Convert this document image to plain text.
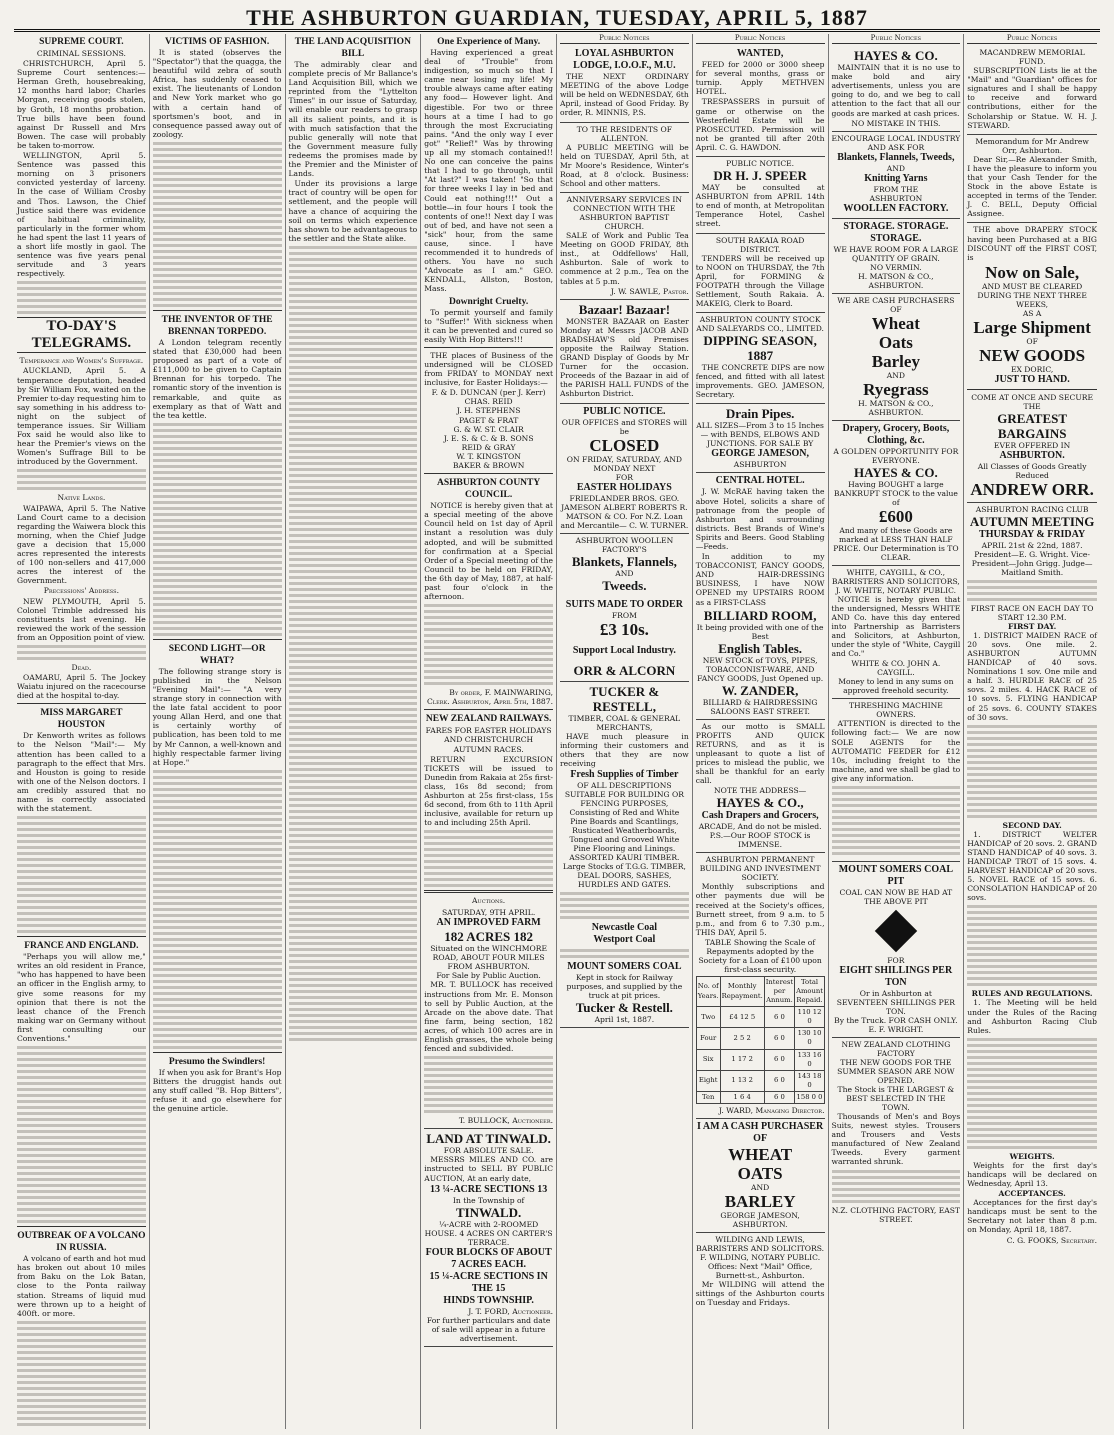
THE ASHBURTON GUARDIAN, TUESDAY, APRIL 5, 1887
SUPREME COURT.
CRIMINAL SESSIONS.

CHRISTCHURCH, April 5. Supreme Court sentences:—Herman Greth, housebreaking, 12 months hard labor; Charles Morgan, receiving goods stolen, by Groth, 18 months probation. True bills have been found against Dr Russell and Mrs Bowen. The case will probably be taken to-morrow.

WELLINGTON, April 5. Sentence was passed this morning on 3 prisoners convicted yesterday of larceny. In the case of William Crosby and Thos. Lawson, the Chief Justice said there was evidence of habitual criminality, particularly in the former whom he had spent the last 11 years of a short life mostly in gaol. The sentence was five years penal servitude and 3 years respectively.

TO-DAY'S TELEGRAMS.
Temperance and Women's Suffrage.

AUCKLAND, April 5. A temperance deputation, headed by Sir William Fox, waited on the Premier to-day requesting him to say something in his address to-night on the subject of temperance issues. Sir William Fox said he would also like to hear the Premier's views on the Women's Suffrage Bill to be introduced by the Government.

Native Lands.

WAIPAWA, April 5. The Native Land Court came to a decision regarding the Waiwera block this morning, when the Chief Judge gave a decision that 15,000 acres represented the interests of 100 non-sellers and 417,000 acres the interest of the Government.

Precessions' Address.

NEW PLYMOUTH, April 5. Colonel Trimble addressed his constituents last evening. He reviewed the work of the session from an Opposition point of view.

Dead.

OAMARU, April 5. The Jockey Waiatu injured on the racecourse died at the hospital to-day.

MISS MARGARET HOUSTON

Dr Kenworth writes as follows to the Nelson "Mail":— My attention has been called to a paragraph to the effect that Mrs. and Houston is going to reside with one of the Nelson doctors. I am credibly assured that no name is correctly associated with the statement.

FRANCE AND ENGLAND.

"Perhaps you will allow me," writes an old resident in France, "who has happened to have been an officer in the English army, to give some reasons for my opinion that there is not the least chance of the French making war on Germany without first consulting our Conventions."

OUTBREAK OF A VOLCANO IN RUSSIA.

A volcano of earth and hot mud has broken out about 10 miles from Baku on the Lok Batan, close to the Ponta railway station. Streams of liquid mud were thrown up to a height of 400ft. or more.

VICTIMS OF FASHION.

It is stated (observes the "Spectator") that the quagga, the beautiful wild zebra of south Africa, has suddenly ceased to exist. The lieutenants of London and New York market who go with a certain hand of sportsmen's boot, and in consequence passed away out of zoology.

THE INVENTOR OF THE BRENNAN TORPEDO.

A London telegram recently stated that £30,000 had been proposed as part of a vote of £111,000 to be given to Captain Brennan for his torpedo. The romantic story of the invention is remarkable, and quite as exemplary as that of Watt and the tea kettle.

SECOND LIGHT—OR WHAT?

The following strange story is published in the Nelson "Evening Mail":— "A very strange story in connection with the late fatal accident to poor young Allan Herd, and one that is certainly worthy of publication, has been told to me by Mr Cannon, a well-known and highly respectable farmer living at Hope."

Presumo the Swindlers!

If when you ask for Brant's Hop Bitters the druggist hands out any stuff called "B. Hop Bitters", refuse it and go elsewhere for the genuine article.

THE LAND ACQUISITION BILL

The admirably clear and complete precis of Mr Ballance's Land Acquisition Bill, which we reprinted from the "Lyttelton Times" in our issue of Saturday, will enable our readers to grasp all its salient points, and it is with much satisfaction that the public generally will note that the Government measure fully redeems the promises made by the Premier and the Minister of Lands.

Under its provisions a large tract of country will be open for settlement, and the people will have a chance of acquiring the soil on terms which experience has shown to be advantageous to the settler and the State alike.

One Experience of Many.

Having experienced a great deal of "Trouble" from indigestion, so much so that I came near losing my life! My trouble always came after eating any food— However light. And digestible. For two or three hours at a time I had to go through the most Excruciating pains. "And the only way I ever got" "Relief!" Was by throwing up all my stomach contained!! No one can conceive the pains that I had to go through, until "At last?" I was taken! "So that for three weeks I lay in bed and Could eat nothing!!!" Out a bottle—in four hours I took the contents of one!! Next day I was out of bed, and have not seen a "sick" hour, from the same cause, since. I have recommended it to hundreds of others. You have no such "Advocate as I am." GEO. KENDALL, Allston, Boston, Mass.

Downright Cruelty.

To permit yourself and family to "Suffer!" With sickness when it can be prevented and cured so easily With Hop Bitters!!!

THE places of Business of the undersigned will be CLOSED from FRIDAY to MONDAY next inclusive, for Easter Holidays:—

F. & D. DUNCAN (per J. Kerr)
CHAS. REID
J. H. STEPHENS
PAGET & FRAT
G. & W. ST. CLAIR
J. E. S. & C. & B. SONS
REID & GRAY
W. T. KINGSTON
BAKER & BROWN
ASHBURTON COUNTY COUNCIL.

NOTICE is hereby given that at a special meeting of the above Council held on 1st day of April instant a resolution was duly adopted, and will be submitted for confirmation at a Special Order of a Special meeting of the Council to be held on FRIDAY, the 6th day of May, 1887, at half-past four o'clock in the afternoon.

By order, F. MAINWARING, Clerk. Ashburton, April 5th, 1887.
NEW ZEALAND RAILWAYS.
FARES FOR EASTER HOLIDAYS AND CHRISTCHURCH AUTUMN RACES.

RETURN EXCURSION TICKETS will be issued to Dunedin from Rakaia at 25s first-class, 16s 8d second; from Ashburton at 25s first-class, 15s 6d second, from 6th to 11th April inclusive, available for return up to and including 25th April.

Auctions.
SATURDAY, 9TH APRIL.
AN IMPROVED FARM
182 ACRES 182
Situated on the WINCHMORE ROAD, ABOUT FOUR MILES FROM ASHBURTON.
For Sale by Public Auction.

MR. T. BULLOCK has received instructions from Mr. E. Monson to sell by Public Auction, at the Arcade on the above date. That fine farm, being section, 182 acres, of which 100 acres are in English grasses, the whole being fenced and subdivided.

T. BULLOCK, Auctioneer.
LAND AT TINWALD.
FOR ABSOLUTE SALE.

MESSRS MILES AND CO. are instructed to SELL BY PUBLIC AUCTION, At an early date,

13 ¼-ACRE SECTIONS 13
In the Township of
TINWALD.
¼-ACRE with 2-ROOMED HOUSE. 4 ACRES ON CARTER'S TERRACE.
FOUR BLOCKS OF ABOUT 7 ACRES EACH.
15 ¼-ACRE SECTIONS IN THE 15
HINDS TOWNSHIP.
J. T. FORD, Auctioneer.
For further particulars and date of sale will appear in a future advertisement.
Public Notices
LOYAL ASHBURTON LODGE, I.O.O.F., M.U.

THE NEXT ORDINARY MEETING of the above Lodge will be held on WEDNESDAY, 6th April, instead of Good Friday. By order, R. MINNIS, P.S.

TO THE RESIDENTS OF ALLENTON.

A PUBLIC MEETING will be held on TUESDAY, April 5th, at Mr Moore's Residence, Winter's Road, at 8 o'clock. Business: School and other matters.

ANNIVERSARY SERVICES IN CONNECTION WITH THE ASHBURTON BAPTIST CHURCH.

SALE of Work and Public Tea Meeting on GOOD FRIDAY, 8th inst., at Oddfellows' Hall, Ashburton. Sale of work to commence at 2 p.m., Tea on the tables at 5 p.m.

J. W. SAWLE, Pastor.
Bazaar! Bazaar!

MONSTER BAZAAR on Easter Monday at Messrs JACOB AND BRADSHAW'S old Premises opposite the Railway Station. GRAND Display of Goods by Mr Turner for the occasion. Proceeds of the Bazaar in aid of the PARISH HALL FUNDS of the Ashburton District.

PUBLIC NOTICE.
OUR OFFICES and STORES will be
CLOSED
ON FRIDAY, SATURDAY, AND MONDAY NEXT
FOR
EASTER HOLIDAYS
FRIEDLANDER BROS. GEO. JAMESON ALBERT ROBERTS R. MATSON & CO. For N.Z. Loan and Mercantile— C. W. TURNER.
ASHBURTON WOOLLEN FACTORY'S
Blankets, Flannels,
AND
Tweeds.
SUITS MADE TO ORDER
FROM
£3 10s.
Support Local Industry.
ORR & ALCORN
TUCKER & RESTELL,
TIMBER, COAL & GENERAL MERCHANTS,

HAVE much pleasure in informing their customers and others that they are now receiving

Fresh Supplies of Timber
OF ALL DESCRIPTIONS SUITABLE FOR BUILDING OR FENCING PURPOSES, Consisting of Red and White Pine Boards and Scantlings, Rusticated Weatherboards, Tongued and Grooved White Pine Flooring and Linings.
ASSORTED KAURI TIMBER.
Large Stocks of T.G.G. TIMBER, DEAL DOORS, SASHES, HURDLES AND GATES.
Newcastle Coal
Westport Coal
MOUNT SOMERS COAL
Kept in stock for Railway purposes, and supplied by the truck at pit prices.
Tucker & Restell.
April 1st, 1887.
Public Notices
WANTED,

FEED for 2000 or 3000 sheep for several months, grass or turnip. Apply METHVEN HOTEL.

TRESPASSERS in pursuit of game or otherwise on the Westerfield Estate will be PROSECUTED. Permission will not be granted till after 20th April. C. G. HAWDON.

PUBLIC NOTICE.
DR H. J. SPEER

MAY be consulted at ASHBURTON from APRIL 14th to end of month, at Metropolitan Temperance Hotel, Cashel street.

SOUTH RAKAIA ROAD DISTRICT.

TENDERS will be received up to NOON on THURSDAY, the 7th April, for FORMING & FOOTPATH through the Village Settlement, South Rakaia. A. MAKEIG, Clerk to Board.

ASHBURTON COUNTY STOCK AND SALEYARDS CO., LIMITED.
DIPPING SEASON, 1887

THE CONCRETE DIPS are now fenced, and fitted with all latest improvements. GEO. JAMESON, Secretary.

Drain Pipes.
ALL SIZES—From 3 to 15 Inches— with BENDS, ELBOWS AND JUNCTIONS. FOR SALE BY
GEORGE JAMESON,
ASHBURTON
CENTRAL HOTEL.

J. W. McRAE having taken the above Hotel, solicits a share of patronage from the people of Ashburton and surrounding districts. Best Brands of Wine's Spirits and Beers. Good Stabling—Feeds.

In addition to my TOBACCONIST, FANCY GOODS, AND HAIR-DRESSING BUSINESS, I have NOW OPENED my UPSTAIRS ROOM as a FIRST-CLASS

BILLIARD ROOM,
It being provided with one of the Best
English Tables.
NEW STOCK of TOYS, PIPES, TOBACCONIST-WARE, AND FANCY GOODS, Just Opened up.
W. ZANDER,
BILLIARD & HAIRDRESSING SALOONS EAST STREET.

As our motto is SMALL PROFITS AND QUICK RETURNS, and as it is unpleasant to quote a list of prices to mislead the public, we shall be thankful for an early call.

NOTE THE ADDRESS—
HAYES & CO.,
Cash Drapers and Grocers,
ARCADE, And do not be misled.
P.S.—Our ROOF STOCK is IMMENSE.
ASHBURTON PERMANENT BUILDING AND INVESTMENT SOCIETY.

Monthly subscriptions and other payments due will be received at the Society's offices, Burnett street, from 9 a.m. to 5 p.m., and from 6 to 7.30 p.m., THIS DAY, April 5.

TABLE Showing the Scale of Repayments adopted by the Society for a Loan of £100 upon first-class security.
No. of Years.	Monthly Repayment.	Interest per Annum.	Total Amount Repaid.
Two	£4 12 5	6 0	110 12 0
Four	2 5 2	6 0	130 10 0
Six	1 17 2	6 0	133 16 0
Eight	1 13 2	6 0	143 18 0
Ten	1 6 4	6 0	158 0 0
J. WARD, Managing Director.
I AM A CASH PURCHASER OF
WHEAT
OATS
AND
BARLEY
GEORGE JAMESON, ASHBURTON.
WILDING AND LEWIS, BARRISTERS AND SOLICITORS.
F. WILDING, NOTARY PUBLIC.
Offices: Next "Mail" Office, Burnett-st., Ashburton.

Mr WILDING will attend the sittings of the Ashburton courts on Tuesday and Fridays.

Public Notices
HAYES & CO.

MAINTAIN that it is no use to make bold and airy advertisements, unless you are going to do, and we beg to call attention to the fact that all our goods are marked at cash prices.

NO MISTAKE IN THIS.
ENCOURAGE LOCAL INDUSTRY AND ASK FOR
Blankets, Flannels, Tweeds,
AND
Knitting Yarns
FROM THE
ASHBURTON
WOOLLEN FACTORY.
STORAGE. STORAGE.
STORAGE.
WE HAVE ROOM FOR A LARGE QUANTITY OF GRAIN.
NO VERMIN.
H. MATSON & CO., ASHBURTON.
WE ARE CASH PURCHASERS OF
Wheat
Oats
Barley
AND
Ryegrass
H. MATSON & CO., ASHBURTON.
Drapery, Grocery, Boots, Clothing, &c.
A GOLDEN OPPORTUNITY FOR EVERYONE.
HAYES & CO.
Having BOUGHT a large BANKRUPT STOCK to the value of
£600
And many of these Goods are marked at LESS THAN HALF PRICE. Our Determination is TO CLEAR.
WHITE, CAYGILL, & CO., BARRISTERS AND SOLICITORS,
J. W. WHITE, NOTARY PUBLIC.

NOTICE is hereby given that the undersigned, Messrs WHITE AND Co. have this day entered into Partnership as Barristers and Solicitors, at Ashburton, under the style of "White, Caygill and Co."

WHITE & CO. JOHN A. CAYGILL.
Money to lend in any sums on approved freehold security.
THRESHING MACHINE OWNERS.

ATTENTION is directed to the following fact:— We are now SOLE AGENTS for the AUTOMATIC FEEDER for £12 10s, including freight to the machine, and we shall be glad to give any information.

MOUNT SOMERS COAL PIT
COAL CAN NOW BE HAD AT THE ABOVE PIT
FOR
EIGHT SHILLINGS PER TON
Or in Ashburton at
SEVENTEEN SHILLINGS PER TON.
By the Truck. FOR CASH ONLY. E. F. WRIGHT.
NEW ZEALAND CLOTHING FACTORY
THE NEW GOODS FOR THE SUMMER SEASON ARE NOW OPENED.
The Stock is THE LARGEST & BEST SELECTED IN THE TOWN.

Thousands of Men's and Boys Suits, newest styles. Trousers and Trousers and Vests manufactured of New Zealand Tweeds. Every garment warranted shrunk.

N.Z. CLOTHING FACTORY, EAST STREET.
Public Notices
MACANDREW MEMORIAL FUND.

SUBSCRIPTION Lists lie at the "Mail" and "Guardian" offices for signatures and I shall be happy to receive and forward contributions, either for the Scholarship or Statue. W. H. J. STEWARD.

Memorandum for Mr Andrew Orr, Ashburton.

Dear Sir,—Re Alexander Smith, I have the pleasure to inform you that your Cash Tender for the Stock in the above Estate is accepted in terms of the Tender. J. C. BELL, Deputy Official Assignee.

THE above DRAPERY STOCK having been Purchased at a BIG DISCOUNT off the FIRST COST, is

Now on Sale,
AND MUST BE CLEARED
DURING THE NEXT THREE WEEKS,
AS A
Large Shipment
OF
NEW GOODS
EX DORIC,
JUST TO HAND.
COME AT ONCE AND SECURE THE
GREATEST BARGAINS
EVER OFFERED IN
ASHBURTON.
All Classes of Goods Greatly Reduced
ANDREW ORR.
ASHBURTON RACING CLUB
AUTUMN MEETING
THURSDAY & FRIDAY
APRIL 21st & 22nd, 1887.
President—E. G. Wright. Vice-President—John Grigg. Judge—Maitland Smith.
FIRST RACE ON EACH DAY TO START 12.30 P.M.
FIRST DAY.

1. DISTRICT MAIDEN RACE of 20 sovs. One mile. 2. ASHBURTON AUTUMN HANDICAP of 40 sovs. Nominations 1 sov. One mile and a half. 3. HURDLE RACE of 25 sovs. 2 miles. 4. HACK RACE of 10 sovs. 5. FLYING HANDICAP of 25 sovs. 6. COUNTY STAKES of 30 sovs.

SECOND DAY.

1. DISTRICT WELTER HANDICAP of 20 sovs. 2. GRAND STAND HANDICAP of 40 sovs. 3. HANDICAP TROT of 15 sovs. 4. HARVEST HANDICAP of 20 sovs. 5. NOVEL RACE of 15 sovs. 6. CONSOLATION HANDICAP of 20 sovs.

RULES AND REGULATIONS.

1. The Meeting will be held under the Rules of the Racing and Ashburton Racing Club Rules.

WEIGHTS.

Weights for the first day's handicaps will be declared on Wednesday, April 13.

ACCEPTANCES.

Acceptances for the first day's handicaps must be sent to the Secretary not later than 8 p.m. on Monday, April 18, 1887.

C. G. FOOKS, Secretary.
